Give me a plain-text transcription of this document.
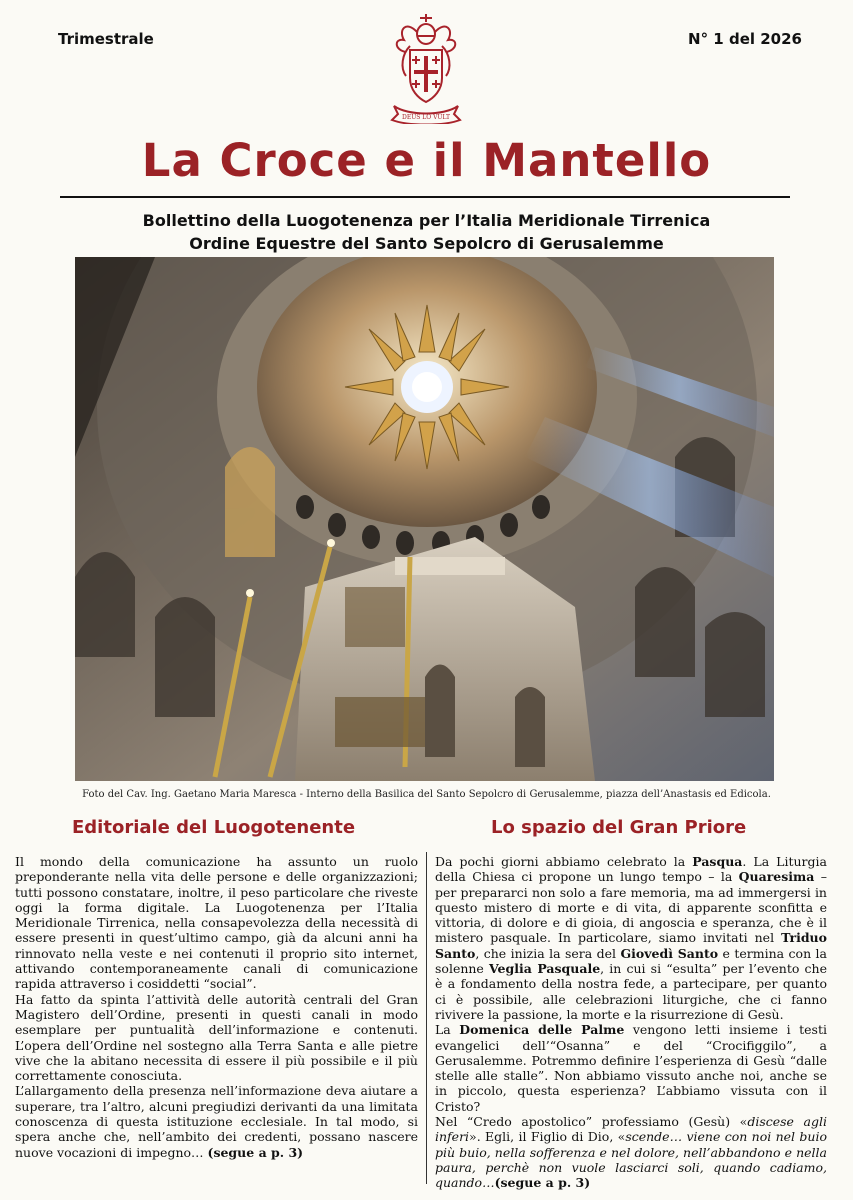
Trimestrale	N° 1 del 2026
DEUS LO VULT
La Croce e il Mantello
Bollettino della Luogotenenza per l’Italia Meridionale Tirrenica
Ordine Equestre del Santo Sepolcro di Gerusalemme
Foto del Cav. Ing. Gaetano Maria Maresca - Interno della Basilica del Santo Sepolcro di Gerusalemme, piazza dell’Anastasis ed Edicola.
Editoriale del Luogotenente	Lo spazio del Gran Priore

Il mondo della comunicazione ha assunto un ruolo preponderante nella vita delle persone e delle organizzazioni; tutti possono constatare, inoltre, il peso particolare che riveste oggi la forma digitale. La Luogotenenza per l’Italia Meridionale Tirrenica, nella consapevolezza della necessità di essere presenti in quest’ultimo campo, già da alcuni anni ha rinnovato nella veste e nei contenuti il proprio sito internet, attivando contemporaneamente canali di comunicazione rapida attraverso i cosiddetti “social”.

Ha fatto da spinta l’attività delle autorità centrali del Gran Magistero dell’Ordine, presenti in questi canali in modo esemplare per puntualità dell’informazione e contenuti. L’opera dell’Ordine nel sostegno alla Terra Santa e alle pietre vive che la abitano necessita di essere il più possibile e il più correttamente conosciuta.

L’allargamento della presenza nell’informazione deva aiutare a superare, tra l’altro, alcuni pregiudizi derivanti da una limitata conoscenza di questa istituzione ecclesiale. In tal modo, si spera anche che, nell’ambito dei credenti, possano nascere nuove vocazioni di impegno… (segue a p. 3)

Da pochi giorni abbiamo celebrato la Pasqua. La Liturgia della Chiesa ci propone un lungo tempo – la Quaresima – per prepararci non solo a fare memoria, ma ad immergersi in questo mistero di morte e di vita, di apparente sconfitta e vittoria, di dolore e di gioia, di angoscia e speranza, che è il mistero pasquale. In particolare, siamo invitati nel Triduo Santo, che inizia la sera del Giovedì Santo e termina con la solenne Veglia Pasquale, in cui si “esulta” per l’evento che è a fondamento della nostra fede, a partecipare, per quanto ci è possibile, alle celebrazioni liturgiche, che ci fanno rivivere la passione, la morte e la risurrezione di Gesù.

La Domenica delle Palme vengono letti insieme i testi evangelici dell’“Osanna” e del “Crocifiggilo”, a Gerusalemme. Potremmo definire l’esperienza di Gesù “dalle stelle alle stalle”. Non abbiamo vissuto anche noi, anche se in piccolo, questa esperienza? L’abbiamo vissuta con il Cristo?

Nel “Credo apostolico” professiamo (Gesù) «discese agli inferi». Egli, il Figlio di Dio, «scende… viene con noi nel buio più buio, nella sofferenza e nel dolore, nell’abbandono e nella paura, perchè non vuole lasciarci soli, quando cadiamo, quando…(segue a p. 3)
